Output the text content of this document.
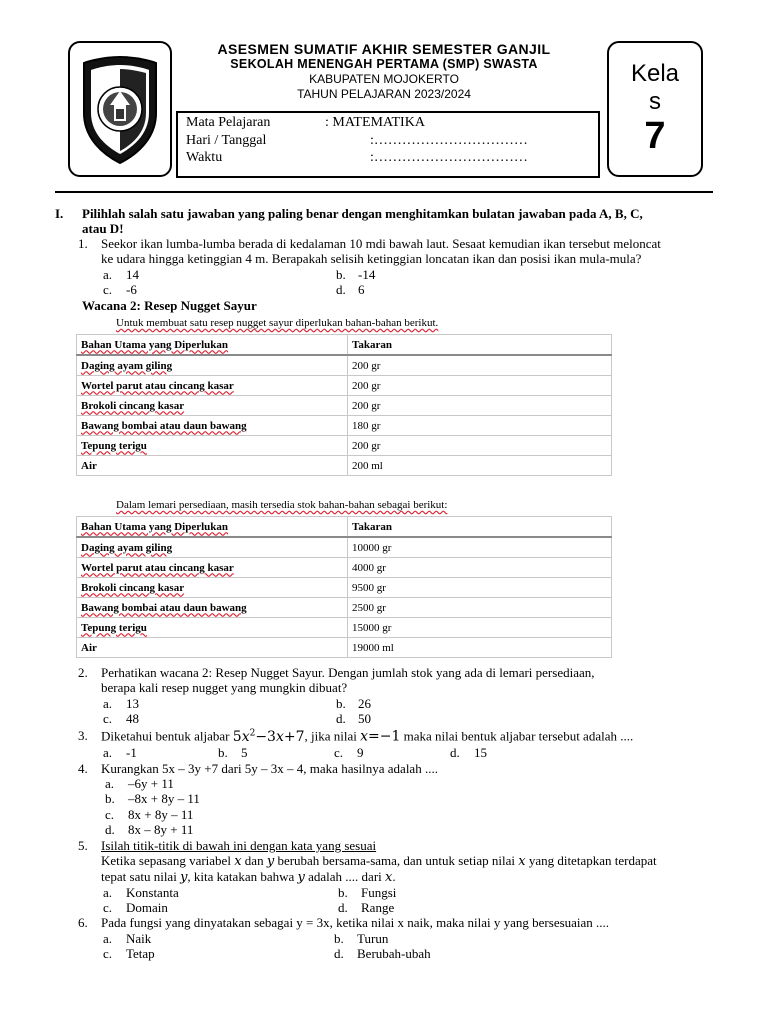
ASESMEN SUMATIF AKHIR SEMESTER GANJIL
SEKOLAH MENENGAH PERTAMA (SMP) SWASTA
KABUPATEN MOJOKERTO
TAHUN PELAJARAN 2023/2024
Mata Pelajaran	: MATEMATIKA
Hari / Tanggal	:……………………………
Waktu	:……………………………
Kela
s
7
I. Pilihlah salah satu jawaban yang paling benar dengan menghitamkan bulatan jawaban pada A, B, C,
atau D!
1. Seekor ikan lumba-lumba berada di kedalaman 10 mdi bawah laut. Sesaat kemudian ikan tersebut meloncat
ke udara hingga ketinggian 4 m. Berapakah selisih ketinggian loncatan ikan dan posisi ikan mula-mula?
a. 14	b. -14
c. -6	d. 6
Wacana 2: Resep Nugget Sayur
Untuk membuat satu resep nugget sayur diperlukan bahan-bahan berikut.
Bahan Utama yang Diperlukan	Takaran
Daging ayam giling	200 gr
Wortel parut atau cincang kasar	200 gr
Brokoli cincang kasar	200 gr
Bawang bombai atau daun bawang	180 gr
Tepung terigu	200 gr
Air	200 ml
Dalam lemari persediaan, masih tersedia stok bahan-bahan sebagai berikut:
Bahan Utama yang Diperlukan	Takaran
Daging ayam giling	10000 gr
Wortel parut atau cincang kasar	4000 gr
Brokoli cincang kasar	9500 gr
Bawang bombai atau daun bawang	2500 gr
Tepung terigu	15000 gr
Air	19000 ml
2. Perhatikan wacana 2: Resep Nugget Sayur. Dengan jumlah stok yang ada di lemari persediaan,
berapa kali resep nugget yang mungkin dibuat?
a. 13	b. 26
c. 48	d. 50
3. Diketahui bentuk aljabar $5x^2-3x+7$, jika nilai x=−1 maka nilai bentuk aljabar tersebut adalah ....
a. -1	b. 5	c. 9	d. 15
4. Kurangkan 5x – 3y +7 dari 5y – 3x – 4, maka hasilnya adalah ....
a. –6y + 11
b. –8x + 8y – 11
c. 8x + 8y – 11
d. 8x – 8y + 11
5. Isilah titik-titik di bawah ini dengan kata yang sesuai
Ketika sepasang variabel x dan y berubah bersama-sama, dan untuk setiap nilai x yang ditetapkan terdapat
tepat satu nilai y, kita katakan bahwa y adalah .... dari x.
a. Konstanta	b. Fungsi
c. Domain	d. Range
6. Pada fungsi yang dinyatakan sebagai y = 3x, ketika nilai x naik, maka nilai y yang bersesuaian ....
a. Naik	b. Turun
c. Tetap	d. Berubah-ubah
